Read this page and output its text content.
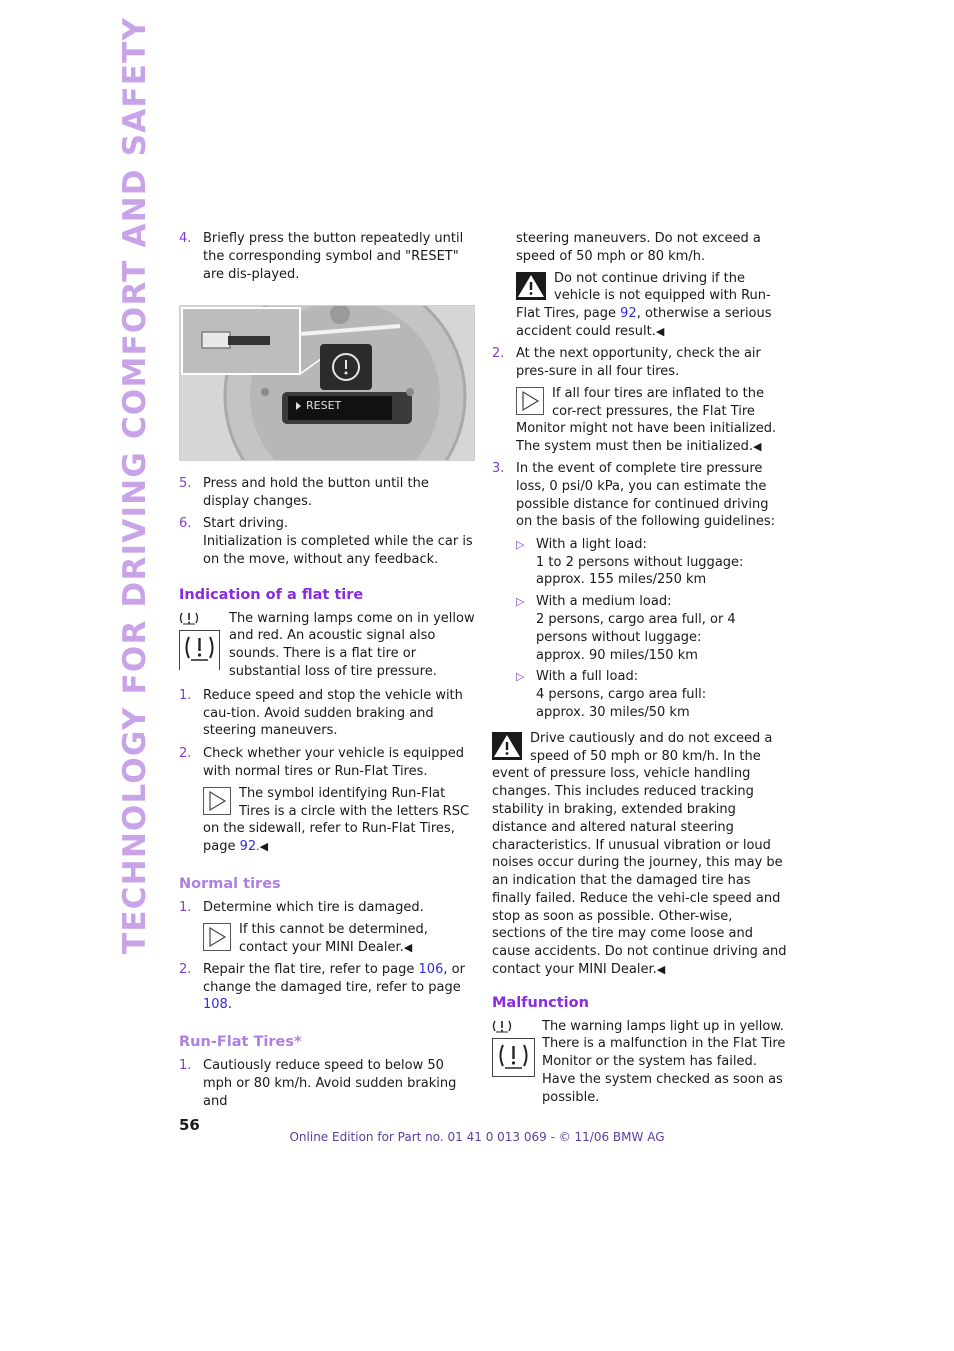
TECHNOLOGY FOR DRIVING COMFORT AND SAFETY	4. Briefly press the button repeatedly until the corresponding symbol and "RESET" are dis-played.
RESET
5. Press and hold the button until the display changes.
6. Start driving.
Initialization is completed while the car is on the move, without any feedback.
Indication of a flat tire
The warning lamps come on in yellow and red. An acoustic signal also sounds. There is a flat tire or substantial loss of tire pressure.
1. Reduce speed and stop the vehicle with cau-tion. Avoid sudden braking and steering maneuvers.
2. Check whether your vehicle is equipped with normal tires or Run-Flat Tires.
The symbol identifying Run-Flat Tires is a circle with the letters RSC on the sidewall, refer to Run-Flat Tires, page 92.◀
Normal tires
1. Determine which tire is damaged.
If this cannot be determined, contact your MINI Dealer.◀
2. Repair the flat tire, refer to page 106, or change the damaged tire, refer to page 108.
Run-Flat Tires*
1. Cautiously reduce speed to below 50 mph or 80 km/h. Avoid sudden braking and
steering maneuvers. Do not exceed a speed of 50 mph or 80 km/h.
Do not continue driving if the vehicle is not equipped with Run-Flat Tires, page 92, otherwise a serious accident could result.◀
2. At the next opportunity, check the air pres-sure in all four tires.
If all four tires are inflated to the cor-rect pressures, the Flat Tire Monitor might not have been initialized. The system must then be initialized.◀
3. In the event of complete tire pressure loss, 0 psi/0 kPa, you can estimate the possible distance for continued driving on the basis of the following guidelines:
▷ With a light load:
1 to 2 persons without luggage:
approx. 155 miles/250 km
▷ With a medium load:
2 persons, cargo area full, or 4 persons without luggage:
approx. 90 miles/150 km
▷ With a full load:
4 persons, cargo area full:
approx. 30 miles/50 km
Drive cautiously and do not exceed a speed of 50 mph or 80 km/h. In the event of pressure loss, vehicle handling changes. This includes reduced tracking stability in braking, extended braking distance and altered natural steering characteristics. If unusual vibration or loud noises occur during the journey, this may be an indication that the damaged tire has finally failed. Reduce the vehi-cle speed and stop as soon as possible. Other-wise, sections of the tire may come loose and cause accidents. Do not continue driving and contact your MINI Dealer.◀
Malfunction
The warning lamps light up in yellow. There is a malfunction in the Flat Tire Monitor or the system has failed. Have the system checked as soon as possible.
56
Online Edition for Part no. 01 41 0 013 069 - © 11/06 BMW AG
